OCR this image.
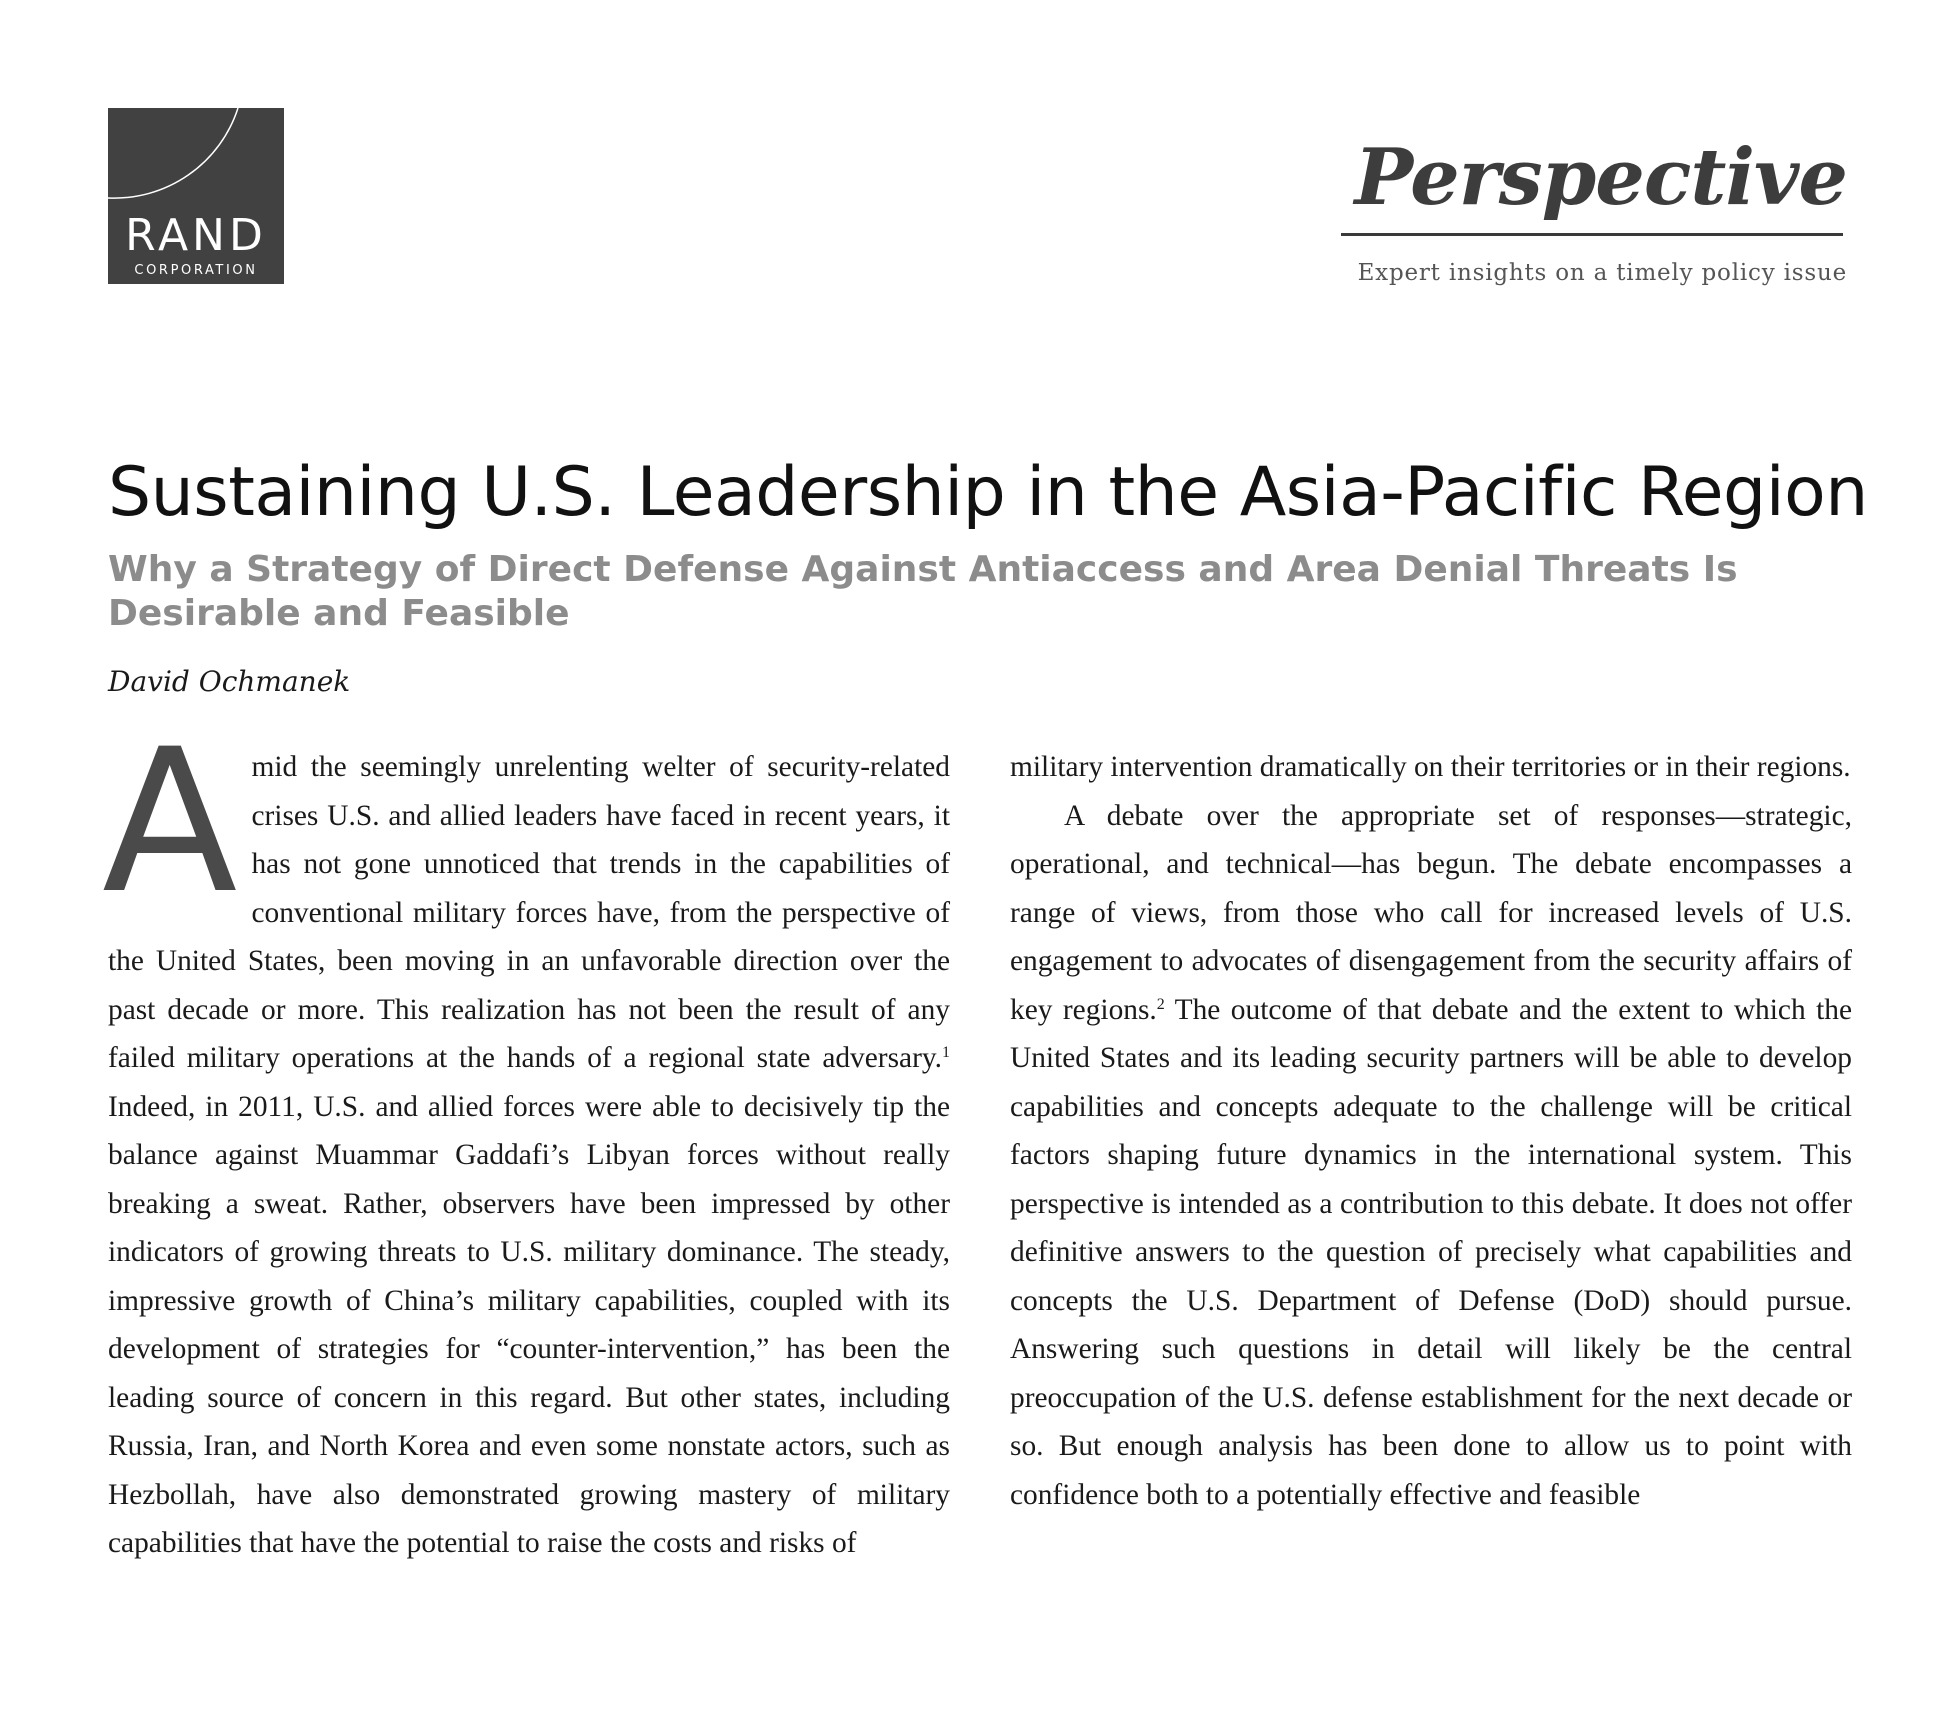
RAND
CORPORATION
Perspective
Expert insights on a timely policy issue
Sustaining U.S. Leadership in the Asia-Pacific Region
Why a Strategy of Direct Defense Against Antiaccess and Area Denial Threats Is Desirable and Feasible
David Ochmanek

Amid the seemingly unrelenting welter of security-related crises U.S. and allied leaders have faced in recent years, it has not gone unnoticed that trends in the capabilities of conventional military forces have, from the perspective of the United States, been moving in an unfavorable direction over the past decade or more. This realization has not been the result of any failed military operations at the hands of a regional state adversary.$^1$ Indeed, in 2011, U.S. and allied forces were able to decisively tip the balance against Muammar Gaddafi’s Libyan forces without really breaking a sweat. Rather, observers have been impressed by other indicators of growing threats to U.S. military dominance. The steady, impressive growth of China’s military capabilities, coupled with its development of strategies for “counter-intervention,” has been the leading source of concern in this regard. But other states, including Russia, Iran, and North Korea and even some nonstate actors, such as Hezbollah, have also demonstrated growing mastery of military capabilities that have the potential to raise the costs and risks of

military intervention dramatically on their territories or in their regions.

A debate over the appropriate set of responses—strategic, operational, and technical—has begun. The debate encompasses a range of views, from those who call for increased levels of U.S. engagement to advocates of disengagement from the security affairs of key regions.$^2$ The outcome of that debate and the extent to which the United States and its leading security partners will be able to develop capabilities and concepts adequate to the challenge will be critical factors shaping future dynamics in the international system. This perspective is intended as a contribution to this debate. It does not offer definitive answers to the question of precisely what capabilities and concepts the U.S. Department of Defense (DoD) should pursue. Answering such questions in detail will likely be the central preoccupation of the U.S. defense establishment for the next decade or so. But enough analysis has been done to allow us to point with confidence both to a potentially effective and feasible
